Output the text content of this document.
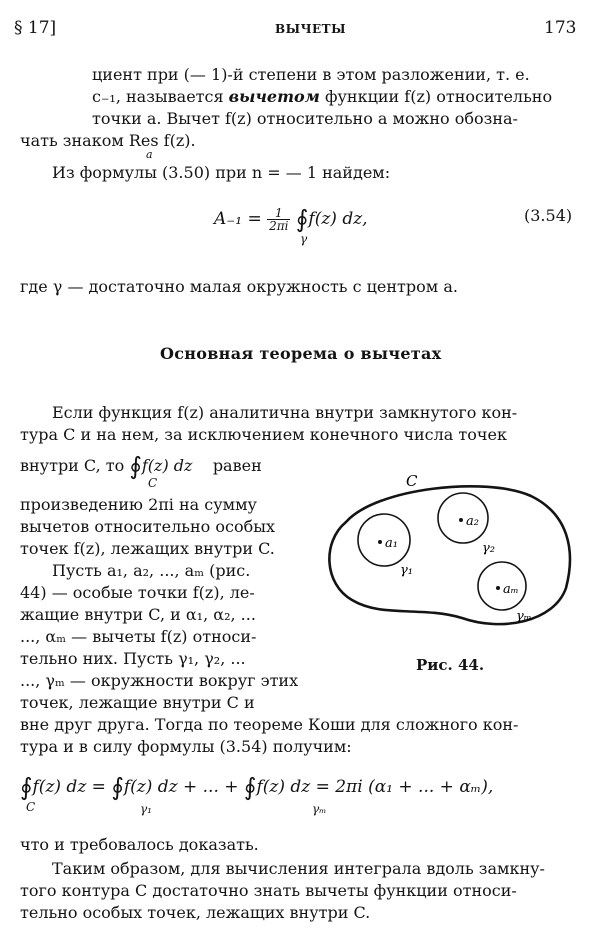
§ 17]	ВЫЧЕТЫ	173
циент при (— 1)-й степени в этом разложении, т. е.
с₋₁, называется вычетом функции f(z) относительно
точки a. Вычет f(z) относительно a можно обозна-
чать знаком Res f(z).
a
Из формулы (3.50) при n = — 1 найдем:
$A_{-1} = \frac{1}{2\pi i}$ ∮f(z) dz,
γ
(3.54)
где γ — достаточно малая окружность с центром a.
Основная теорема о вычетах
Если функция f(z) аналитична внутри замкнутого кон-
тура C и на нем, за исключением конечного числа точек
внутри C, то ∮f(z) dz равен
C
произведению 2πi на сумму
вычетов относительно особых
точек f(z), лежащих внутри C.
Пусть a₁, a₂, ..., aₘ (рис.
44) — особые точки f(z), ле-
жащие внутри C, и α₁, α₂, ...
..., αₘ — вычеты f(z) относи-
тельно них. Пусть γ₁, γ₂, ...
..., γₘ — окружности вокруг этих
точек, лежащие внутри C и
вне друг друга. Тогда по теореме Коши для сложного кон-
тура и в силу формулы (3.54) получим:
C
a₁
γ₁
a₂
γ₂
aₘ
γₘ
Рис. 44.
∮f(z) dz = ∮f(z) dz + ... + ∮f(z) dz = 2πi (α₁ + ... + αₘ),
C	γ₁	γₘ
что и требовалось доказать.
Таким образом, для вычисления интеграла вдоль замкну-
того контура C достаточно знать вычеты функции относи-
тельно особых точек, лежащих внутри C.
